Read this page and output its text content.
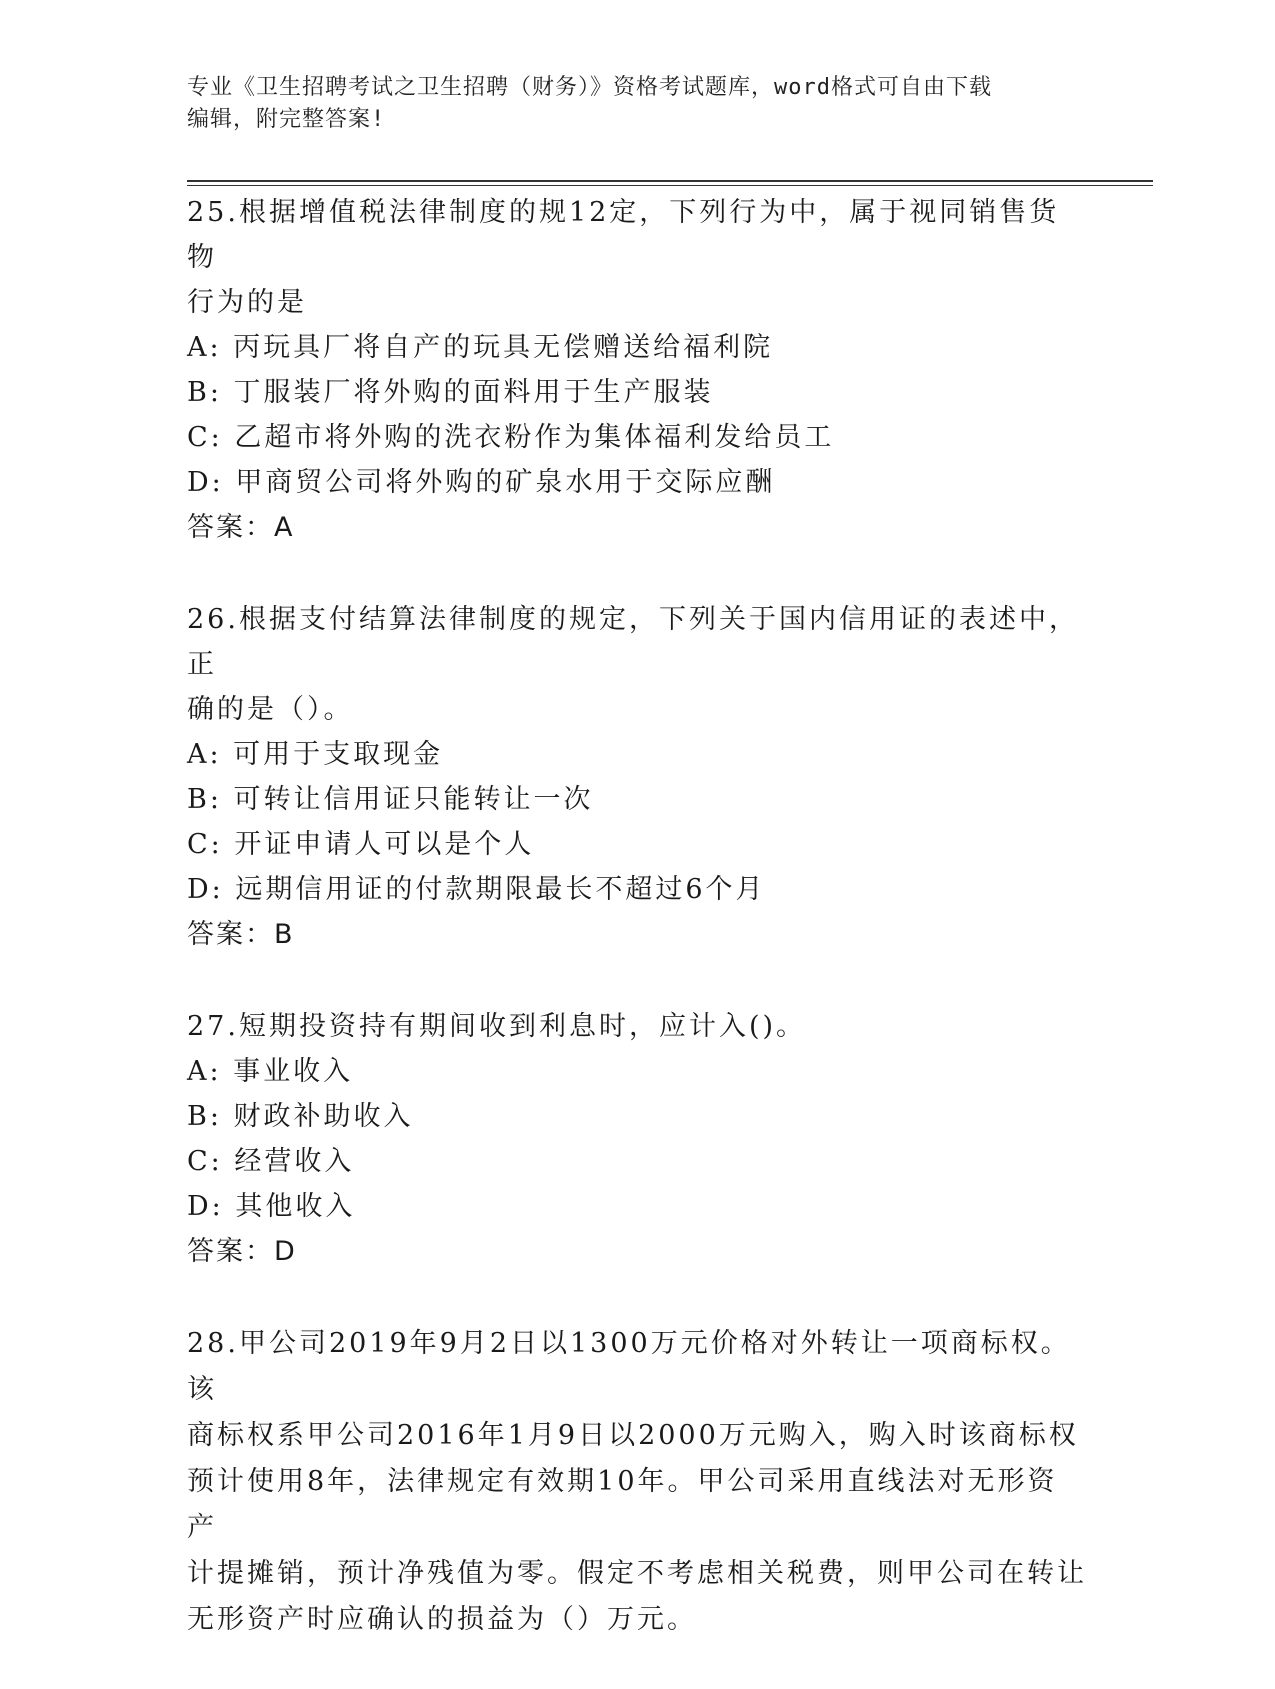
专业《卫生招聘考试之卫生招聘（财务）》资格考试题库，word格式可自由下载
编辑，附完整答案!

25.根据增值税法律制度的规12定，下列行为中，属于视同销售货物

行为的是

A: 丙玩具厂将自产的玩具无偿赠送给福利院

B: 丁服装厂将外购的面料用于生产服装

C: 乙超市将外购的洗衣粉作为集体福利发给员工

D: 甲商贸公司将外购的矿泉水用于交际应酬

答案：A

26.根据支付结算法律制度的规定，下列关于国内信用证的表述中，正

确的是（）。

A: 可用于支取现金

B: 可转让信用证只能转让一次

C: 开证申请人可以是个人

D: 远期信用证的付款期限最长不超过6个月

答案：B

27.短期投资持有期间收到利息时，应计入()。

A: 事业收入

B: 财政补助收入

C: 经营收入

D: 其他收入

答案：D

28.甲公司2019年9月2日以1300万元价格对外转让一项商标权。该

商标权系甲公司2016年1月9日以2000万元购入，购入时该商标权

预计使用8年，法律规定有效期10年。甲公司采用直线法对无形资产

计提摊销，预计净残值为零。假定不考虑相关税费，则甲公司在转让

无形资产时应确认的损益为（）万元。
